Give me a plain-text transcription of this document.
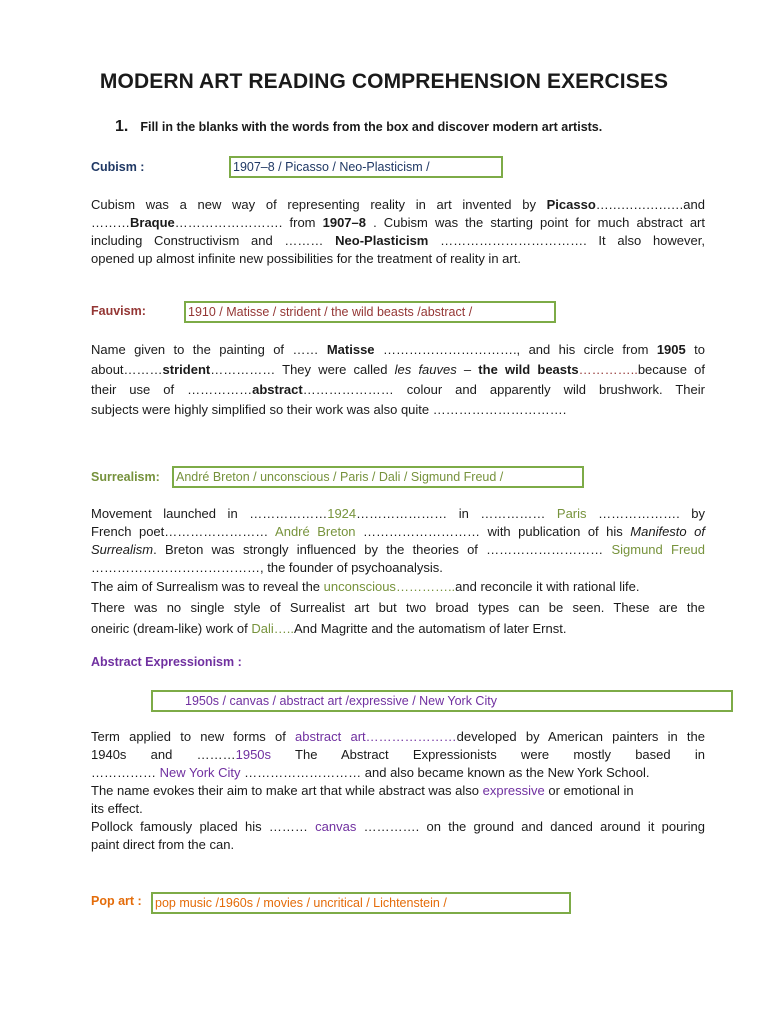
MODERN ART READING COMPREHENSION EXERCISES
1. Fill in the blanks with the words from the box and discover modern art artists.
Cubism :	1907–8 / Picasso / Neo-Plasticism /
Cubism was a new way of representing reality in art invented by Picasso…………………and
………Braque……………………. from 1907–8 . Cubism was the starting point for much abstract art
including Constructivism and ……… Neo-Plasticism ……………………………. It also however,
opened up almost infinite new possibilities for the treatment of reality in art.
Fauvism:	1910 / Matisse / strident / the wild beasts /abstract /
Name given to the painting of …… Matisse …………………………., and his circle from 1905 to
about………strident…………… They were called les fauves – the wild beasts…………..because of
their use of ……………abstract………………… colour and apparently wild brushwork. Their
subjects were highly simplified so their work was also quite ………………………….
Surrealism:	André Breton / unconscious / Paris / Dali / Sigmund Freud /
Movement launched in ………………1924………………… in …………… Paris ………………. by
French poet…………………… André Breton ……………………… with publication of his Manifesto of
Surrealism. Breton was strongly influenced by the theories of ……………………… Sigmund Freud
…………………………………, the founder of psychoanalysis.
The aim of Surrealism was to reveal the unconscious…………..and reconcile it with rational life.
There was no single style of Surrealist art but two broad types can be seen. These are the
oneiric (dream-like) work of Dali…..And Magritte and the automatism of later Ernst.
Abstract Expressionism :
1950s / canvas / abstract art /expressive / New York City
Term applied to new forms of abstract art…………………developed by American painters in the
1940s and ………1950s The Abstract Expressionists were mostly based in
…………… New York City ……………………… and also became known as the New York School.
The name evokes their aim to make art that while abstract was also expressive or emotional in
its effect.
Pollock famously placed his ……… canvas …………. on the ground and danced around it pouring
paint direct from the can.
Pop art :	pop music /1960s / movies / uncritical / Lichtenstein /
